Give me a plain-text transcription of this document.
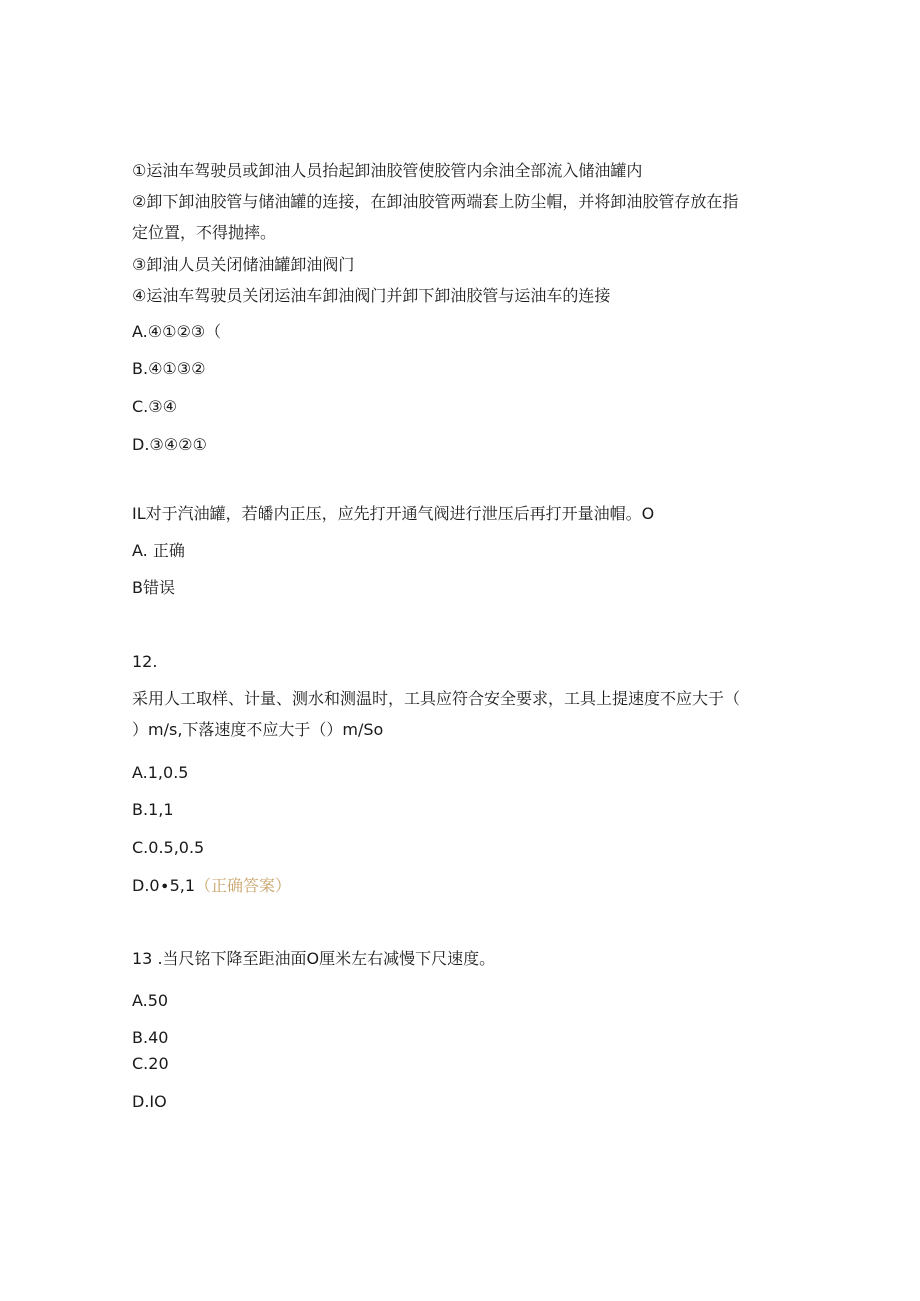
①运油车驾驶员或卸油人员抬起卸油胶管使胶管内余油全部流入储油罐内
②卸下卸油胶管与储油罐的连接，在卸油胶管两端套上防尘帽，并将卸油胶管存放在指
定位置，不得抛摔。
③卸油人员关闭储油罐卸油阀门
④运油车驾驶员关闭运油车卸油阀门并卸下卸油胶管与运油车的连接
A.④①②③（
B.④①③②
C.③④
D.③④②①
IL对于汽油罐，若皤内正压，应先打开通气阀进行泄压后再打开量油帽。O
A. 正确
B错误
12.
采用人工取样、计量、测水和测温时，工具应符合安全要求，工具上提速度不应大于（
）m∕s,下落速度不应大于（）m/So
A.1,0.5
B.1,1
C.0.5,0.5
D.0∙5,1（正确答案）
13 .当尺铭下降至距油面O厘米左右减慢下尺速度。
A.50
B.40
C.20
D.IO
